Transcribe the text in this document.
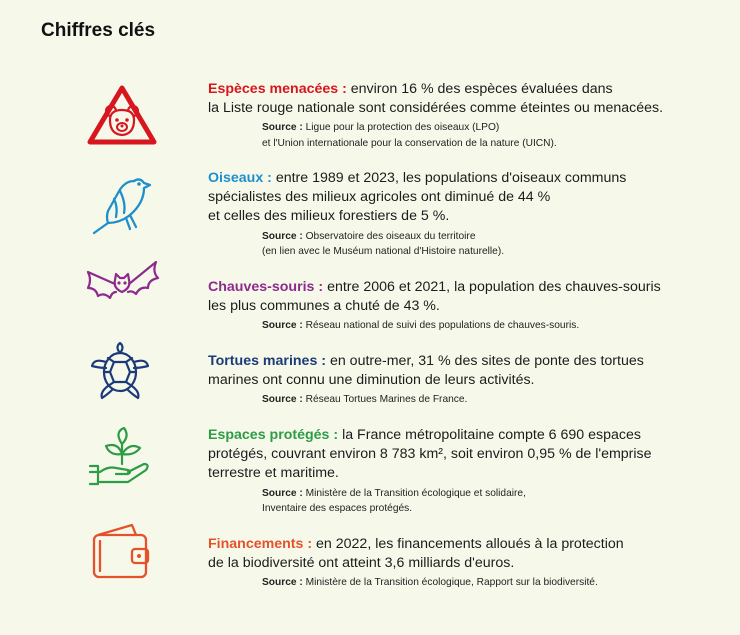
Chiffres clés

Espèces menacées : environ 16 % des espèces évaluées dans
la Liste rouge nationale sont considérées comme éteintes ou menacées.

Source : Ligue pour la protection des oiseaux (LPO)
et l'Union internationale pour la conservation de la nature (UICN).

Oiseaux : entre 1989 et 2023, les populations d'oiseaux communs
spécialistes des milieux agricoles ont diminué de 44 %
et celles des milieux forestiers de 5 %.

Source : Observatoire des oiseaux du territoire
(en lien avec le Muséum national d'Histoire naturelle).

Chauves-souris : entre 2006 et 2021, la population des chauves-souris
les plus communes a chuté de 43 %.

Source : Réseau national de suivi des populations de chauves-souris.

Tortues marines : en outre-mer, 31 % des sites de ponte des tortues
marines ont connu une diminution de leurs activités.

Source : Réseau Tortues Marines de France.

Espaces protégés : la France métropolitaine compte 6 690 espaces
protégés, couvrant environ 8 783 km², soit environ 0,95 % de l'emprise
terrestre et maritime.

Source : Ministère de la Transition écologique et solidaire,
Inventaire des espaces protégés.

Financements : en 2022, les financements alloués à la protection
de la biodiversité ont atteint 3,6 milliards d'euros.

Source : Ministère de la Transition écologique, Rapport sur la biodiversité.
